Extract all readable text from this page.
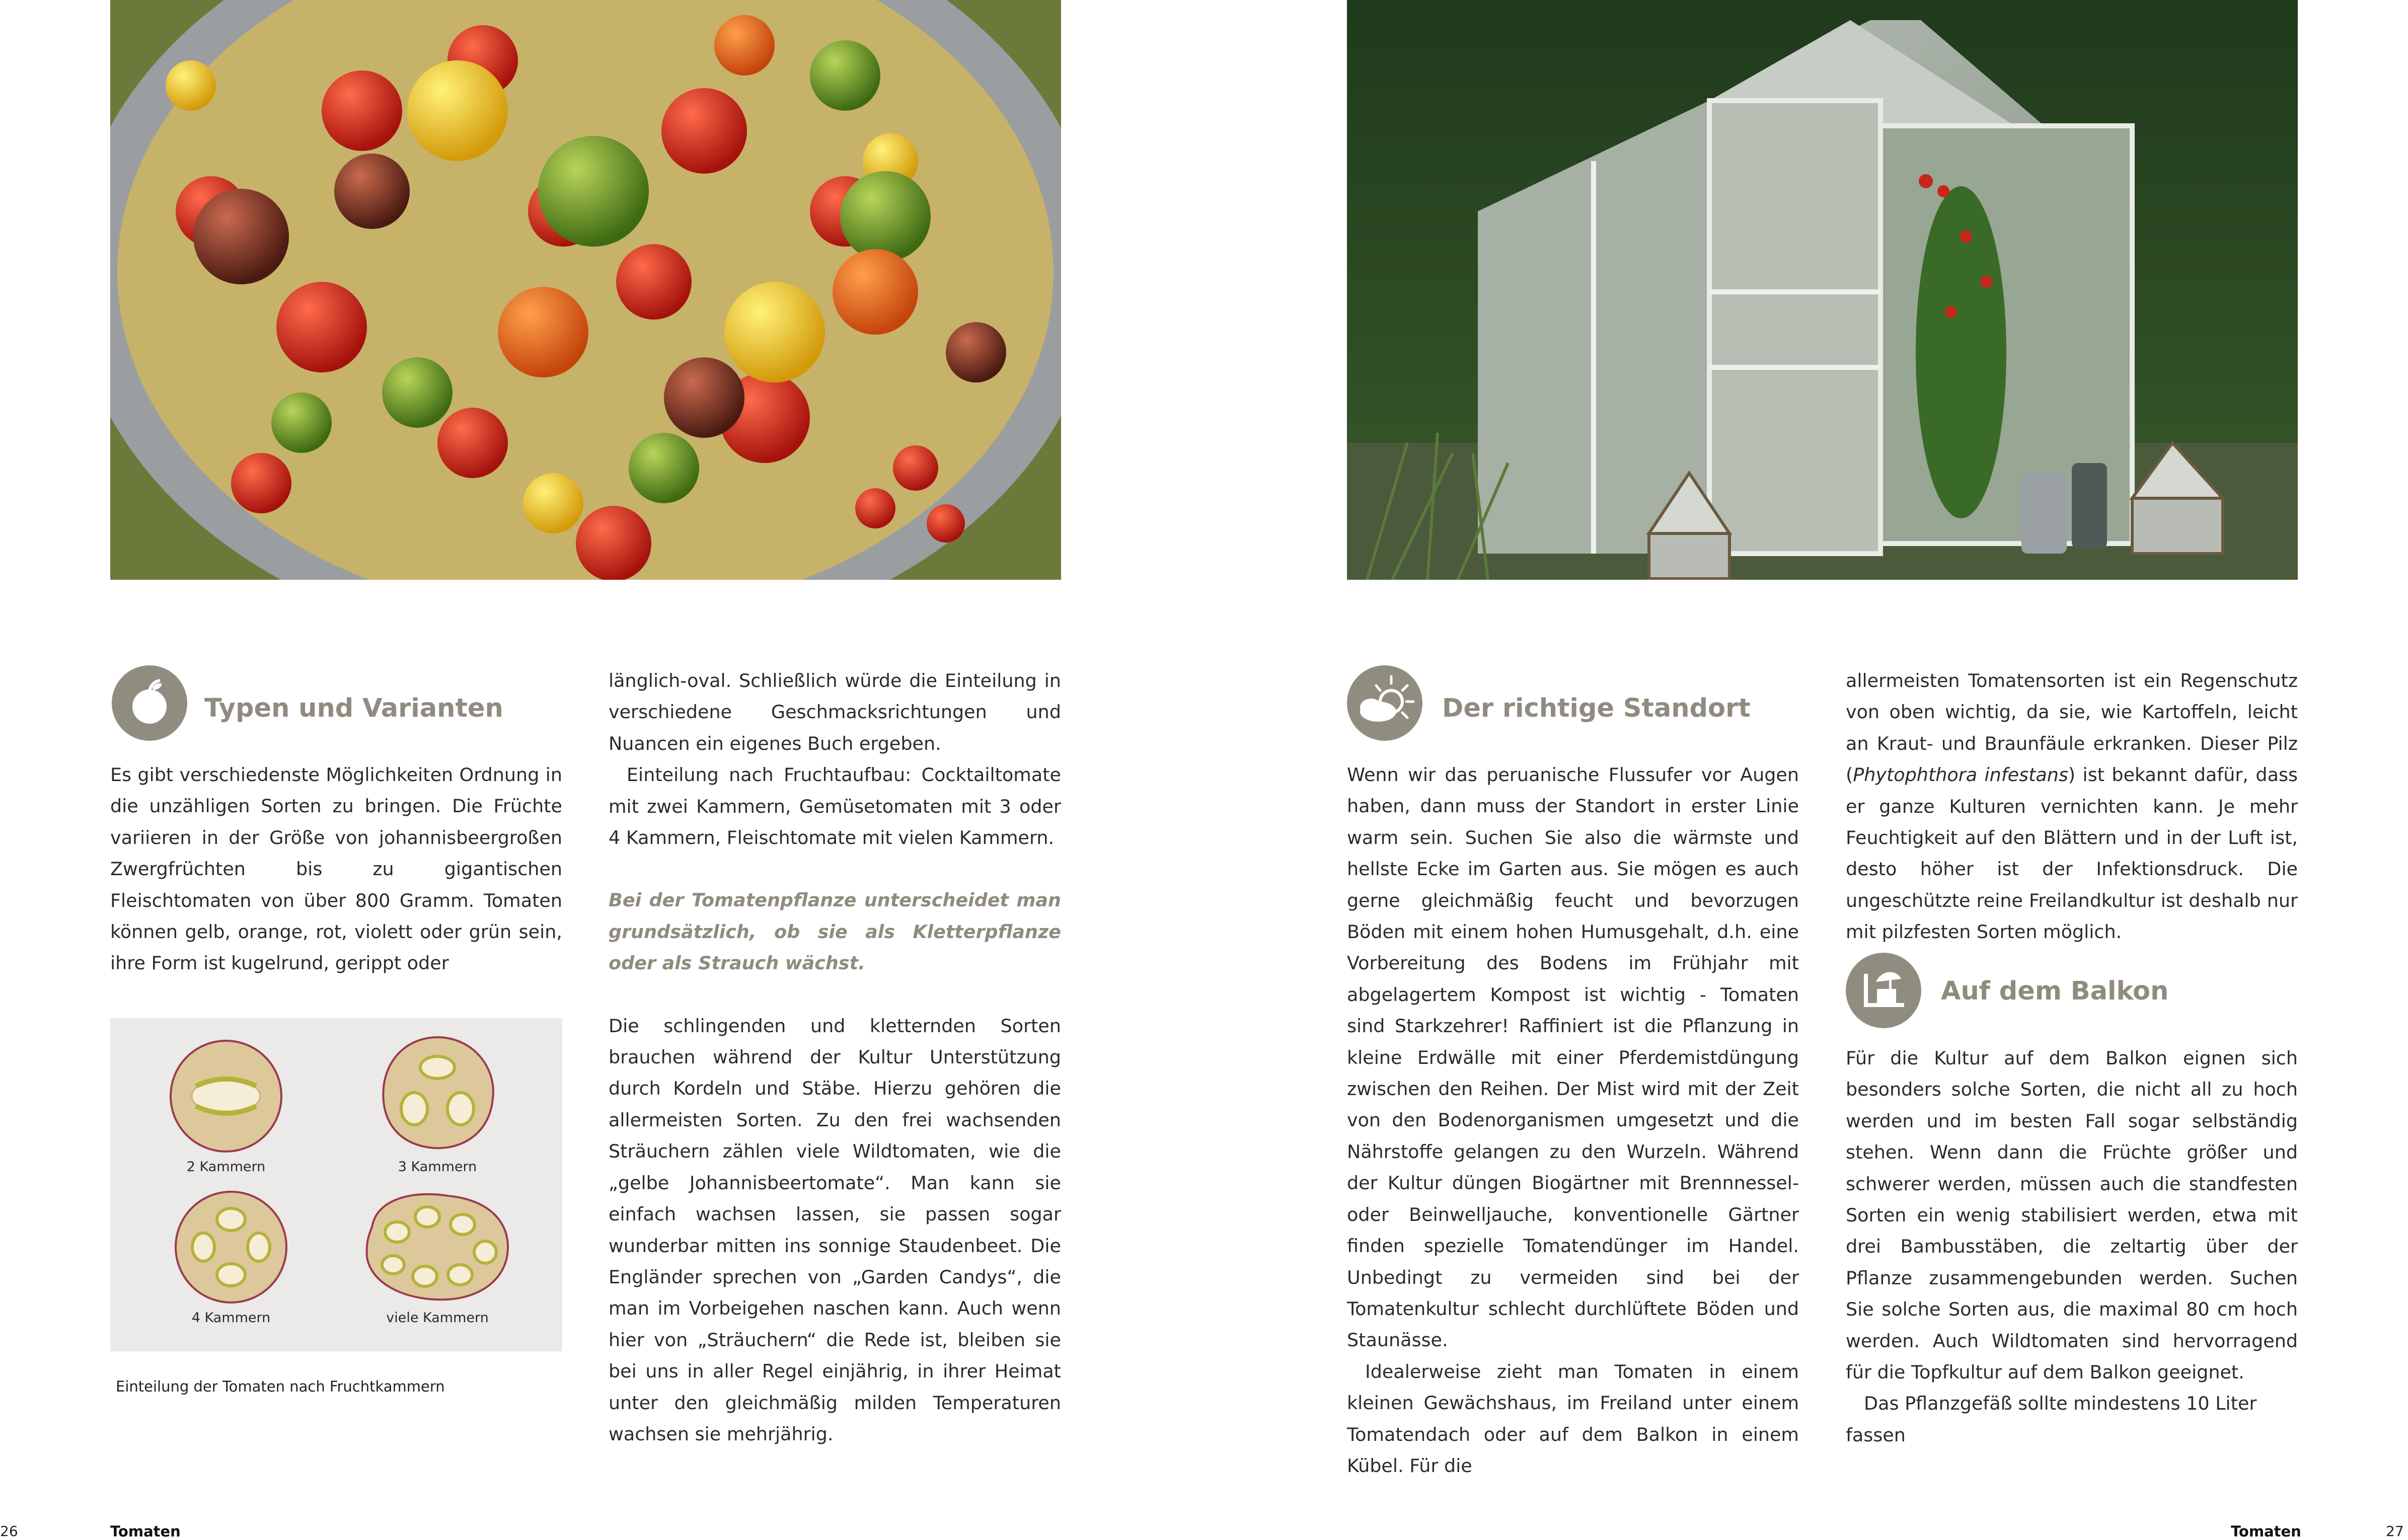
Typen und Varianten

Es gibt verschiedenste Möglichkeiten Ordnung in die unzähligen Sorten zu bringen. Die Früchte variieren in der Größe von johannisbeergroßen Zwergfrüchten bis zu gigantischen Fleischtomaten von über 800 Gramm. Tomaten können gelb, orange, rot, violett oder grün sein, ihre Form ist kugelrund, gerippt oder

2 Kammern	3 Kammern
4 Kammern	viele Kammern
Einteilung der Tomaten nach Fruchtkammern

länglich-oval. Schließlich würde die Einteilung in verschiedene Geschmacksrichtungen und Nuancen ein eigenes Buch ergeben.

Einteilung nach Fruchtaufbau: Cocktailtomate mit zwei Kammern, Gemüsetomaten mit 3 oder 4 Kammern, Fleischtomate mit vielen Kammern.

Bei der Tomatenpflanze unterscheidet man grundsätzlich, ob sie als Kletterpflanze oder als Strauch wächst.

Die schlingenden und kletternden Sorten brauchen während der Kultur Unterstützung durch Kordeln und Stäbe. Hierzu gehören die allermeisten Sorten. Zu den frei wachsenden Sträuchern zählen viele Wildtomaten, wie die „gelbe Johannisbeertomate“. Man kann sie einfach wachsen lassen, sie passen sogar wunderbar mitten ins sonnige Staudenbeet. Die Engländer sprechen von „Garden Candys“, die man im Vorbeigehen naschen kann. Auch wenn hier von „Sträuchern“ die Rede ist, bleiben sie bei uns in aller Regel einjährig, in ihrer Heimat unter den gleichmäßig milden Temperaturen wachsen sie mehrjährig.

26	Tomaten
Der richtige Standort

Wenn wir das peruanische Flussufer vor Augen haben, dann muss der Standort in erster Linie warm sein. Suchen Sie also die wärmste und hellste Ecke im Garten aus. Sie mögen es auch gerne gleichmäßig feucht und bevorzugen Böden mit einem hohen Humusgehalt, d.h. eine Vorbereitung des Bodens im Frühjahr mit abgelagertem Kompost ist wichtig - Tomaten sind Starkzehrer! Raffiniert ist die Pflanzung in kleine Erdwälle mit einer Pferdemistdüngung zwischen den Reihen. Der Mist wird mit der Zeit von den Bodenorganismen umgesetzt und die Nährstoffe gelangen zu den Wurzeln. Während der Kultur düngen Biogärtner mit Brennnessel- oder Beinwelljauche, konventionelle Gärtner finden spezielle Tomatendünger im Handel. Unbedingt zu vermeiden sind bei der Tomatenkultur schlecht durchlüftete Böden und Staunässe.

Idealerweise zieht man Tomaten in einem kleinen Gewächshaus, im Freiland unter einem Tomatendach oder auf dem Balkon in einem Kübel. Für die

allermeisten Tomatensorten ist ein Regenschutz von oben wichtig, da sie, wie Kartoffeln, leicht an Kraut- und Braunfäule erkranken. Dieser Pilz (Phytophthora infestans) ist bekannt dafür, dass er ganze Kulturen vernichten kann. Je mehr Feuchtigkeit auf den Blättern und in der Luft ist, desto höher ist der Infektionsdruck. Die ungeschützte reine Freilandkultur ist deshalb nur mit pilzfesten Sorten möglich.

Auf dem Balkon

Für die Kultur auf dem Balkon eignen sich besonders solche Sorten, die nicht all zu hoch werden und im besten Fall sogar selbständig stehen. Wenn dann die Früchte größer und schwerer werden, müssen auch die standfesten Sorten ein wenig stabilisiert werden, etwa mit drei Bambusstäben, die zeltartig über der Pflanze zusammengebunden werden. Suchen Sie solche Sorten aus, die maximal 80 cm hoch werden. Auch Wildtomaten sind hervorragend für die Topfkultur auf dem Balkon geeignet.

Das Pflanzgefäß sollte mindestens 10 Liter fassen

Tomaten	27
